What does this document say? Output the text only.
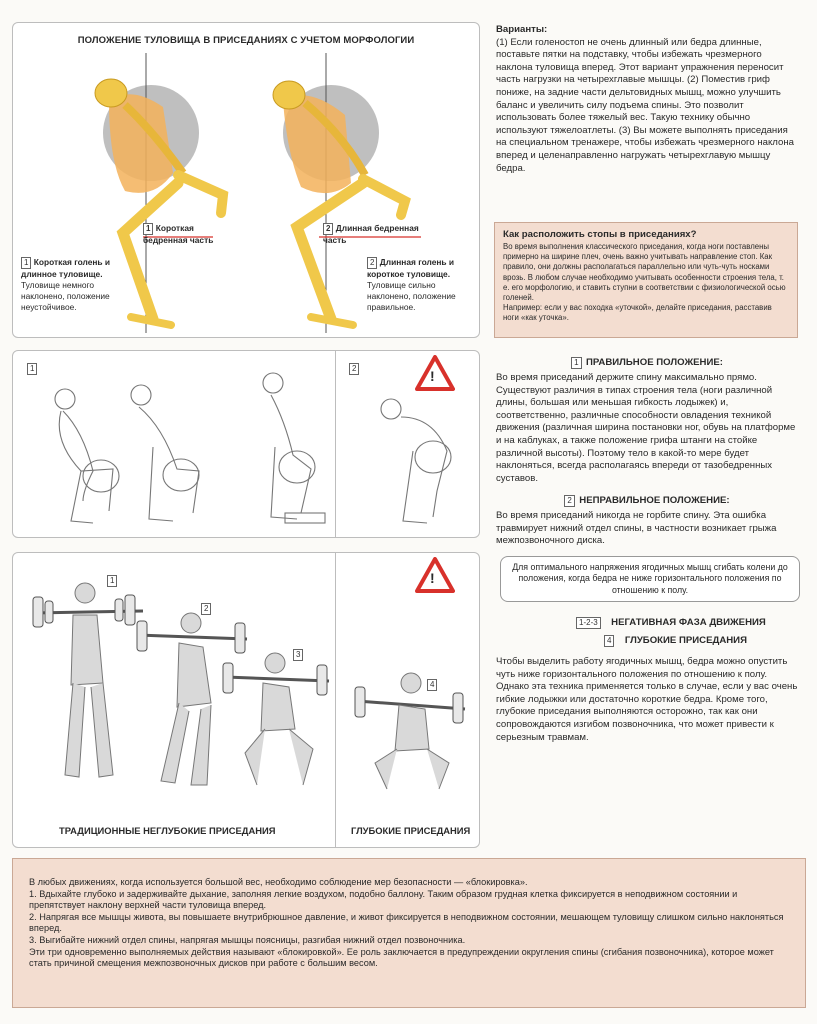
ПОЛОЖЕНИЕ ТУЛОВИЩА В ПРИСЕДАНИЯХ С УЧЕТОМ МОРФОЛОГИИ
1 Короткая бедренная часть
2 Длинная бедренная часть
1 Короткая голень и длинное туловище.
Туловище немного наклонено, положение неустойчивое.
2 Длинная голень и короткое туловище.
Туловище сильно наклонено, положение правильное.
Варианты:
(1) Если голеностоп не очень длинный или бедра длинные, поставьте пятки на подставку, чтобы избежать чрезмерного наклона туловища вперед. Этот вариант упражнения переносит часть нагрузки на четырехглавые мышцы. (2) Поместив гриф пониже, на задние части дельтовидных мышц, можно улучшить баланс и увеличить силу подъема спины. Это позволит использовать более тяжелый вес. Такую технику обычно используют тяжелоатлеты. (3) Вы можете выполнять приседания на специальном тренажере, чтобы избежать чрезмерного наклона вперед и целенаправленно нагружать четырехглавую мышцу бедра.
Как расположить стопы в приседаниях?
Во время выполнения классического приседания, когда ноги поставлены примерно на ширине плеч, очень важно учитывать направление стоп. Как правило, они должны располагаться параллельно или чуть-чуть носками врозь. В любом случае необходимо учитывать особенности строения тела, т. е. его морфологию, и ставить ступни в соответствии с физиологической осью голеней.
Например: если у вас походка «уточкой», делайте приседания, расставив ноги «как уточка».
1	2	!
1 ПРАВИЛЬНОЕ ПОЛОЖЕНИЕ:
Во время приседаний держите спину максимально прямо. Существуют различия в типах строения тела (ноги различной длины, большая или меньшая гибкость лодыжек) и, соответственно, различные способности овладения техникой движения (различная ширина постановки ног, обувь на платформе и на каблуках, а также положение грифа штанги на стойке различной высоты). Поэтому тело в какой-то мере будет наклоняться, всегда располагаясь впереди от тазобедренных суставов.
2 НЕПРАВИЛЬНОЕ ПОЛОЖЕНИЕ:
Во время приседаний никогда не горбите спину. Эта ошибка травмирует нижний отдел спины, в частности возникает грыжа межпозвоночного диска.
!
1
2
3
4
ТРАДИЦИОННЫЕ НЕГЛУБОКИЕ ПРИСЕДАНИЯ	ГЛУБОКИЕ ПРИСЕДАНИЯ
Для оптимального напряжения ягодичных мышц сгибать колени до положения, когда бедра не ниже горизонтального положения по отношению к полу.
1-2-3 НЕГАТИВНАЯ ФАЗА ДВИЖЕНИЯ
4 ГЛУБОКИЕ ПРИСЕДАНИЯ
Чтобы выделить работу ягодичных мышц, бедра можно опустить чуть ниже горизонтального положения по отношению к полу. Однако эта техника применяется только в случае, если у вас очень гибкие лодыжки или достаточно короткие бедра. Кроме того, глубокие приседания выполняются осторожно, так как они сопровождаются изгибом позвоночника, что может привести к серьезным травмам.
В любых движениях, когда используется большой вес, необходимо соблюдение мер безопасности — «блокировка».
1. Вдыхайте глубоко и задерживайте дыхание, заполняя легкие воздухом, подобно баллону. Таким образом грудная клетка фиксируется в неподвижном состоянии и препятствует наклону верхней части туловища вперед.
2. Напрягая все мышцы живота, вы повышаете внутрибрюшное давление, и живот фиксируется в неподвижном состоянии, мешающем туловищу слишком сильно наклоняться вперед.
3. Выгибайте нижний отдел спины, напрягая мышцы поясницы, разгибая нижний отдел позвоночника.
Эти три одновременно выполняемых действия называют «блокировкой». Ее роль заключается в предупреждении округления спины (сгибания позвоночника), которое может стать причиной смещения межпозвоночных дисков при работе с большим весом.
